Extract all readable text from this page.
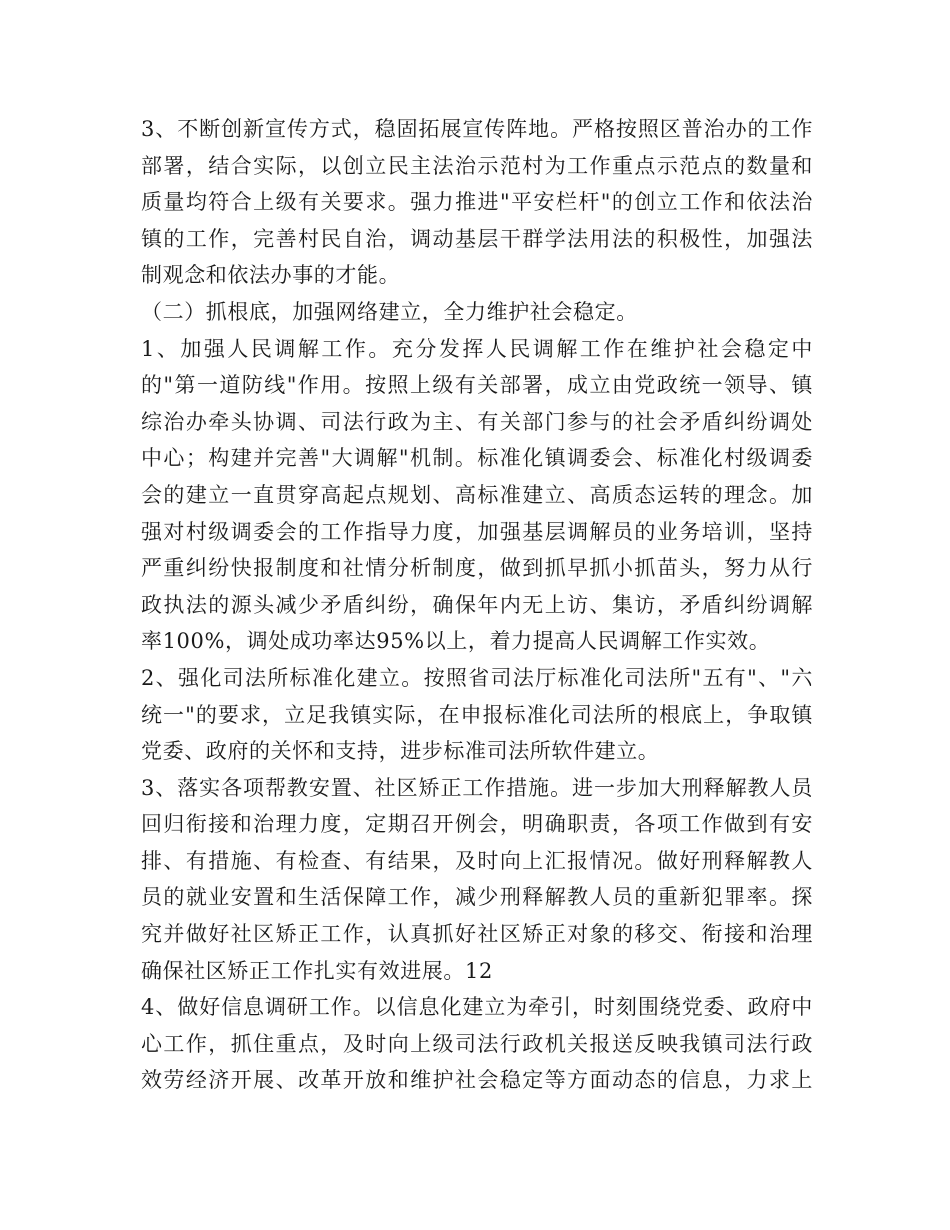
3、不断创新宣传方式，稳固拓展宣传阵地。严格按照区普治办的工作
部署，结合实际，以创立民主法治示范村为工作重点示范点的数量和
质量均符合上级有关要求。强力推进"平安栏杆"的创立工作和依法治
镇的工作，完善村民自治，调动基层干群学法用法的积极性，加强法
制观念和依法办事的才能。
（二）抓根底，加强网络建立，全力维护社会稳定。
1、加强人民调解工作。充分发挥人民调解工作在维护社会稳定中
的"第一道防线"作用。按照上级有关部署，成立由党政统一领导、镇
综治办牵头协调、司法行政为主、有关部门参与的社会矛盾纠纷调处
中心；构建并完善"大调解"机制。标准化镇调委会、标准化村级调委
会的建立一直贯穿高起点规划、高标准建立、高质态运转的理念。加
强对村级调委会的工作指导力度，加强基层调解员的业务培训，坚持
严重纠纷快报制度和社情分析制度，做到抓早抓小抓苗头，努力从行
政执法的源头减少矛盾纠纷，确保年内无上访、集访，矛盾纠纷调解
率100%，调处成功率达95%以上，着力提高人民调解工作实效。
2、强化司法所标准化建立。按照省司法厅标准化司法所"五有"、"六
统一"的要求，立足我镇实际，在申报标准化司法所的根底上，争取镇
党委、政府的关怀和支持，进步标准司法所软件建立。
3、落实各项帮教安置、社区矫正工作措施。进一步加大刑释解教人员
回归衔接和治理力度，定期召开例会，明确职责，各项工作做到有安
排、有措施、有检查、有结果，及时向上汇报情况。做好刑释解教人
员的就业安置和生活保障工作，减少刑释解教人员的重新犯罪率。探
究并做好社区矫正工作，认真抓好社区矫正对象的移交、衔接和治理
确保社区矫正工作扎实有效进展。12
4、做好信息调研工作。以信息化建立为牵引，时刻围绕党委、政府中
心工作，抓住重点，及时向上级司法行政机关报送反映我镇司法行政
效劳经济开展、改革开放和维护社会稳定等方面动态的信息，力求上
